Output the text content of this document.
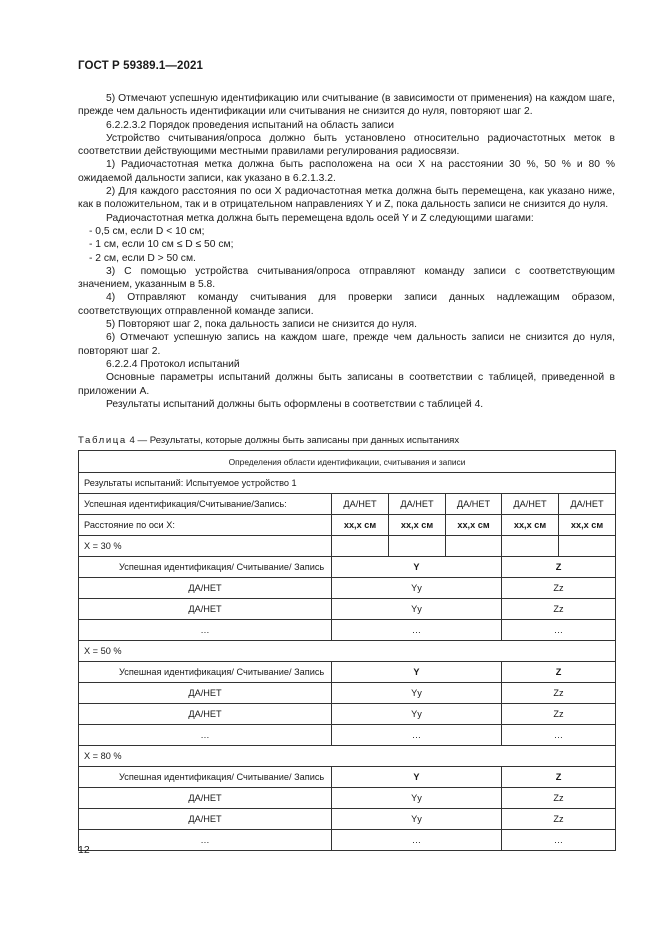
ГОСТ Р 59389.1—2021

5) Отмечают успешную идентификацию или считывание (в зависимости от применения) на каждом шаге, прежде чем дальность идентификации или считывания не снизится до нуля, повторяют шаг 2.

6.2.2.3.2 Порядок проведения испытаний на область записи

Устройство считывания/опроса должно быть установлено относительно радиочастотных меток в соответствии действующими местными правилами регулирования радиосвязи.

1) Радиочастотная метка должна быть расположена на оси X на расстоянии 30 %, 50 % и 80 % ожидаемой дальности записи, как указано в 6.2.1.3.2.

2) Для каждого расстояния по оси X радиочастотная метка должна быть перемещена, как указано ниже, как в положительном, так и в отрицательном направлениях Y и Z, пока дальность записи не снизится до нуля.

Радиочастотная метка должна быть перемещена вдоль осей Y и Z следующими шагами:

- 0,5 см, если D < 10 см;

- 1 см, если 10 см ≤ D ≤ 50 см;

- 2 см, если D > 50 см.

3) С помощью устройства считывания/опроса отправляют команду записи с соответствующим значением, указанным в 5.8.

4) Отправляют команду считывания для проверки записи данных надлежащим образом, соответствующих отправленной команде записи.

5) Повторяют шаг 2, пока дальность записи не снизится до нуля.

6) Отмечают успешную запись на каждом шаге, прежде чем дальность записи не снизится до нуля, повторяют шаг 2.

6.2.2.4 Протокол испытаний

Основные параметры испытаний должны быть записаны в соответствии с таблицей, приведенной в приложении А.

Результаты испытаний должны быть оформлены в соответствии с таблицей 4.

Таблица 4 — Результаты, которые должны быть записаны при данных испытаниях
Определения области идентификации, считывания и записи					
Результаты испытаний: Испытуемое устройство 1					
Успешная идентификация/Считывание/Запись:	ДА/НЕТ	ДА/НЕТ	ДА/НЕТ	ДА/НЕТ	ДА/НЕТ
Расстояние по оси X:	xx,x см	xx,x см	xx,x см	xx,x см	xx,x см
X = 30 %					
Успешная идентификация/ Считывание/ Запись	Y			Z	
ДА/НЕТ	Yy			Zz	
ДА/НЕТ	Yy			Zz	
…	…			…	
X = 50 %					
Успешная идентификация/ Считывание/ Запись	Y			Z	
ДА/НЕТ	Yy			Zz	
ДА/НЕТ	Yy			Zz	
…	…			…	
X = 80 %					
Успешная идентификация/ Считывание/ Запись	Y			Z	
ДА/НЕТ	Yy			Zz	
ДА/НЕТ	Yy			Zz	
…	…			…	
12
